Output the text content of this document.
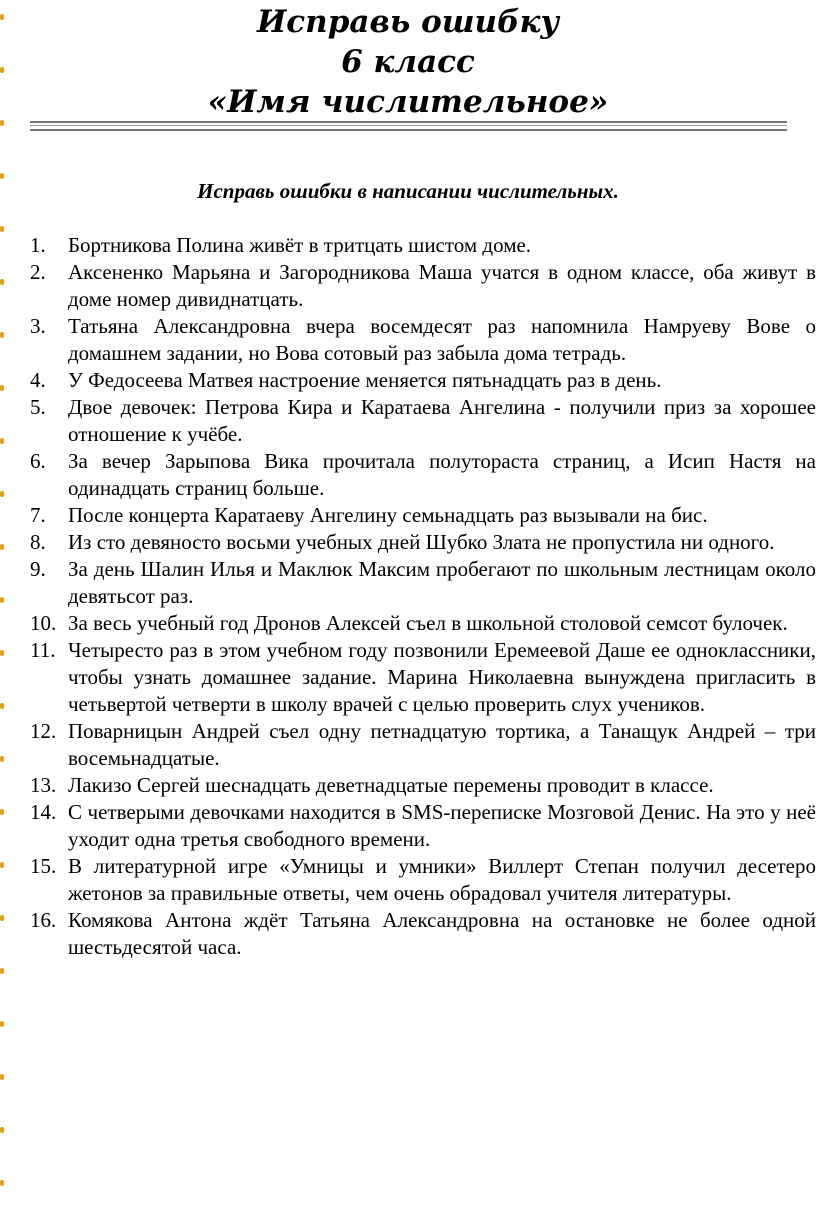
Исправь ошибку
6 класс
«Имя числительное»
Исправь ошибки в написании числительных.
1. Бортникова Полина живёт в тритцать шистом доме.
2. Аксененко Марьяна и Загородникова Маша учатся в одном классе, оба живут в доме номер дивиднатцать.
3. Татьяна Александровна вчера восемдесят раз напомнила Намруеву Вове о домашнем задании, но Вова сотовый раз забыла дома тетрадь.
4. У Федосеева Матвея настроение меняется пятьнадцать раз в день.
5. Двое девочек: Петрова Кира и Каратаева Ангелина - получили приз за хорошее отношение к учёбе.
6. За вечер Зарыпова Вика прочитала полутораста страниц, а Исип Настя на одинадцать страниц больше.
7. После концерта Каратаеву Ангелину семьнадцать раз вызывали на бис.
8. Из сто девяносто восьми учебных дней Шубко Злата не пропустила ни одного.
9. За день Шалин Илья и Маклюк Максим пробегают по школьным лестницам около девятьсот раз.
10. За весь учебный год Дронов Алексей съел в школьной столовой семсот булочек.
11. Четыресто раз в этом учебном году позвонили Еремеевой Даше ее одноклассники, чтобы узнать домашнее задание. Марина Николаевна вынуждена пригласить в четьвертой четверти в школу врачей с целью проверить слух учеников.
12. Поварницын Андрей съел одну петнадцатую тортика, а Танащук Андрей – три восемьнадцатые.
13. Лакизо Сергей шеснадцать деветнадцатые перемены проводит в классе.
14. С четверыми девочками находится в SMS-переписке Мозговой Денис. На это у неё уходит одна третья свободного времени.
15. В литературной игре «Умницы и умники» Виллерт Степан получил десетеро жетонов за правильные ответы, чем очень обрадовал учителя литературы.
16. Комякова Антона ждёт Татьяна Александровна на остановке не более одной шестьдесятой часа.
